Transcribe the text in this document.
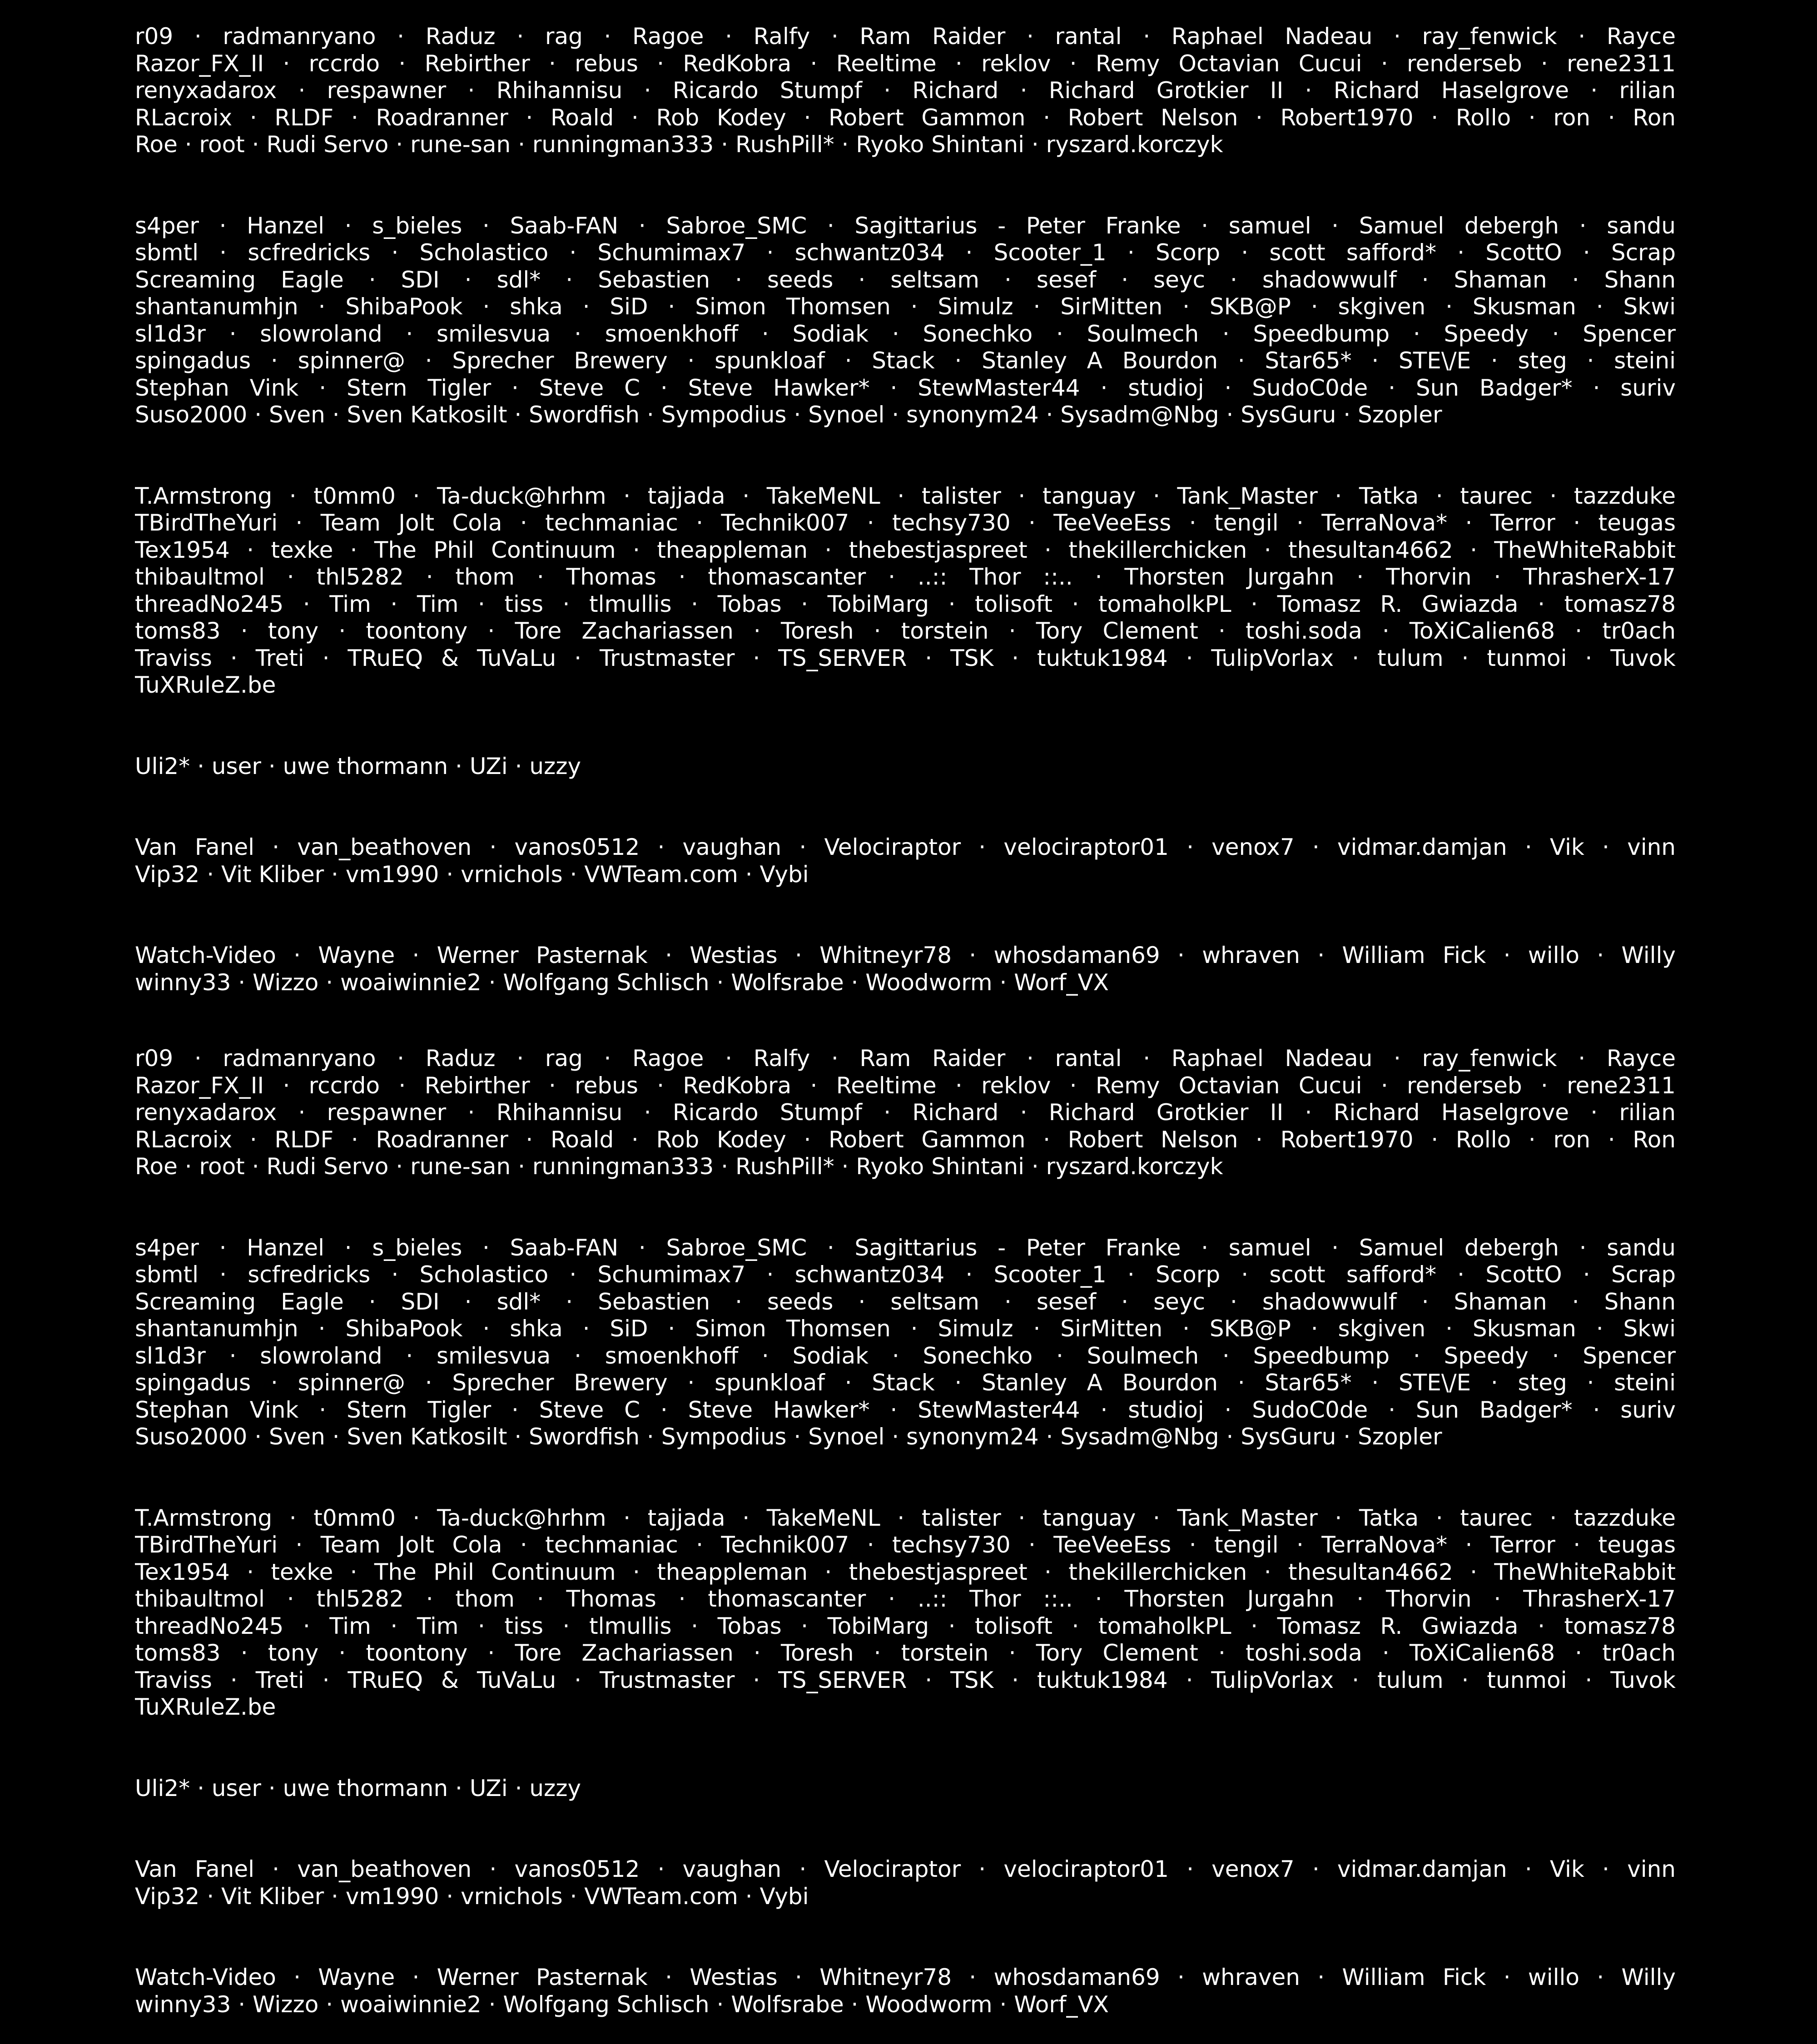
r09 · radmanryano · Raduz · rag · Ragoe · Ralfy · Ram Raider · rantal · Raphael Nadeau · ray_fenwick · Rayce
Razor_FX_II · rccrdo · Rebirther · rebus · RedKobra · Reeltime · reklov · Remy Octavian Cucui · renderseb · rene2311
renyxadarox · respawner · Rhihannisu · Ricardo Stumpf · Richard · Richard Grotkier II · Richard Haselgrove · rilian
RLacroix · RLDF · Roadranner · Roald · Rob Kodey · Robert Gammon · Robert Nelson · Robert1970 · Rollo · ron · Ron
Roe · root · Rudi Servo · rune-san · runningman333 · RushPill* · Ryoko Shintani · ryszard.korczyk
s4per · Hanzel · s_bieles · Saab-FAN · Sabroe_SMC · Sagittarius - Peter Franke · samuel · Samuel debergh · sandu
sbmtl · scfredricks · Scholastico · Schumimax7 · schwantz034 · Scooter_1 · Scorp · scott safford* · ScottO · Scrap
Screaming Eagle · SDI · sdl* · Sebastien · seeds · seltsam · sesef · seyc · shadowwulf · Shaman · Shann
shantanumhjn · ShibaPook · shka · SiD · Simon Thomsen · Simulz · SirMitten · SKB@P · skgiven · Skusman · Skwi
sl1d3r · slowroland · smilesvua · smoenkhoff · Sodiak · Sonechko · Soulmech · Speedbump · Speedy · Spencer
spingadus · spinner@ · Sprecher Brewery · spunkloaf · Stack · Stanley A Bourdon · Star65* · STE\/E · steg · steini
Stephan Vink · Stern Tigler · Steve C · Steve Hawker* · StewMaster44 · studioj · SudoC0de · Sun Badger* · suriv
Suso2000 · Sven · Sven Katkosilt · Swordfish · Sympodius · Synoel · synonym24 · Sysadm@Nbg · SysGuru · Szopler
T.Armstrong · t0mm0 · Ta-duck@hrhm · tajjada · TakeMeNL · talister · tanguay · Tank_Master · Tatka · taurec · tazzduke
TBirdTheYuri · Team Jolt Cola · techmaniac · Technik007 · techsy730 · TeeVeeEss · tengil · TerraNova* · Terror · teugas
Tex1954 · texke · The Phil Continuum · theappleman · thebestjaspreet · thekillerchicken · thesultan4662 · TheWhiteRabbit
thibaultmol · thl5282 · thom · Thomas · thomascanter · ..:: Thor ::.. · Thorsten Jurgahn · Thorvin · ThrasherX-17
threadNo245 · Tim · Tim · tiss · tlmullis · Tobas · TobiMarg · tolisoft · tomaholkPL · Tomasz R. Gwiazda · tomasz78
toms83 · tony · toontony · Tore Zachariassen · Toresh · torstein · Tory Clement · toshi.soda · ToXiCalien68 · tr0ach
Traviss · Treti · TRuEQ & TuVaLu · Trustmaster · TS_SERVER · TSK · tuktuk1984 · TulipVorlax · tulum · tunmoi · Tuvok
TuXRuleZ.be
Uli2* · user · uwe thormann · UZi · uzzy
Van Fanel · van_beathoven · vanos0512 · vaughan · Velociraptor · velociraptor01 · venox7 · vidmar.damjan · Vik · vinn
Vip32 · Vit Kliber · vm1990 · vrnichols · VWTeam.com · Vybi
Watch-Video · Wayne · Werner Pasternak · Westias · Whitneyr78 · whosdaman69 · whraven · William Fick · willo · Willy
winny33 · Wizzo · woaiwinnie2 · Wolfgang Schlisch · Wolfsrabe · Woodworm · Worf_VX
r09 · radmanryano · Raduz · rag · Ragoe · Ralfy · Ram Raider · rantal · Raphael Nadeau · ray_fenwick · Rayce
Razor_FX_II · rccrdo · Rebirther · rebus · RedKobra · Reeltime · reklov · Remy Octavian Cucui · renderseb · rene2311
renyxadarox · respawner · Rhihannisu · Ricardo Stumpf · Richard · Richard Grotkier II · Richard Haselgrove · rilian
RLacroix · RLDF · Roadranner · Roald · Rob Kodey · Robert Gammon · Robert Nelson · Robert1970 · Rollo · ron · Ron
Roe · root · Rudi Servo · rune-san · runningman333 · RushPill* · Ryoko Shintani · ryszard.korczyk
s4per · Hanzel · s_bieles · Saab-FAN · Sabroe_SMC · Sagittarius - Peter Franke · samuel · Samuel debergh · sandu
sbmtl · scfredricks · Scholastico · Schumimax7 · schwantz034 · Scooter_1 · Scorp · scott safford* · ScottO · Scrap
Screaming Eagle · SDI · sdl* · Sebastien · seeds · seltsam · sesef · seyc · shadowwulf · Shaman · Shann
shantanumhjn · ShibaPook · shka · SiD · Simon Thomsen · Simulz · SirMitten · SKB@P · skgiven · Skusman · Skwi
sl1d3r · slowroland · smilesvua · smoenkhoff · Sodiak · Sonechko · Soulmech · Speedbump · Speedy · Spencer
spingadus · spinner@ · Sprecher Brewery · spunkloaf · Stack · Stanley A Bourdon · Star65* · STE\/E · steg · steini
Stephan Vink · Stern Tigler · Steve C · Steve Hawker* · StewMaster44 · studioj · SudoC0de · Sun Badger* · suriv
Suso2000 · Sven · Sven Katkosilt · Swordfish · Sympodius · Synoel · synonym24 · Sysadm@Nbg · SysGuru · Szopler
T.Armstrong · t0mm0 · Ta-duck@hrhm · tajjada · TakeMeNL · talister · tanguay · Tank_Master · Tatka · taurec · tazzduke
TBirdTheYuri · Team Jolt Cola · techmaniac · Technik007 · techsy730 · TeeVeeEss · tengil · TerraNova* · Terror · teugas
Tex1954 · texke · The Phil Continuum · theappleman · thebestjaspreet · thekillerchicken · thesultan4662 · TheWhiteRabbit
thibaultmol · thl5282 · thom · Thomas · thomascanter · ..:: Thor ::.. · Thorsten Jurgahn · Thorvin · ThrasherX-17
threadNo245 · Tim · Tim · tiss · tlmullis · Tobas · TobiMarg · tolisoft · tomaholkPL · Tomasz R. Gwiazda · tomasz78
toms83 · tony · toontony · Tore Zachariassen · Toresh · torstein · Tory Clement · toshi.soda · ToXiCalien68 · tr0ach
Traviss · Treti · TRuEQ & TuVaLu · Trustmaster · TS_SERVER · TSK · tuktuk1984 · TulipVorlax · tulum · tunmoi · Tuvok
TuXRuleZ.be
Uli2* · user · uwe thormann · UZi · uzzy
Van Fanel · van_beathoven · vanos0512 · vaughan · Velociraptor · velociraptor01 · venox7 · vidmar.damjan · Vik · vinn
Vip32 · Vit Kliber · vm1990 · vrnichols · VWTeam.com · Vybi
Watch-Video · Wayne · Werner Pasternak · Westias · Whitneyr78 · whosdaman69 · whraven · William Fick · willo · Willy
winny33 · Wizzo · woaiwinnie2 · Wolfgang Schlisch · Wolfsrabe · Woodworm · Worf_VX
